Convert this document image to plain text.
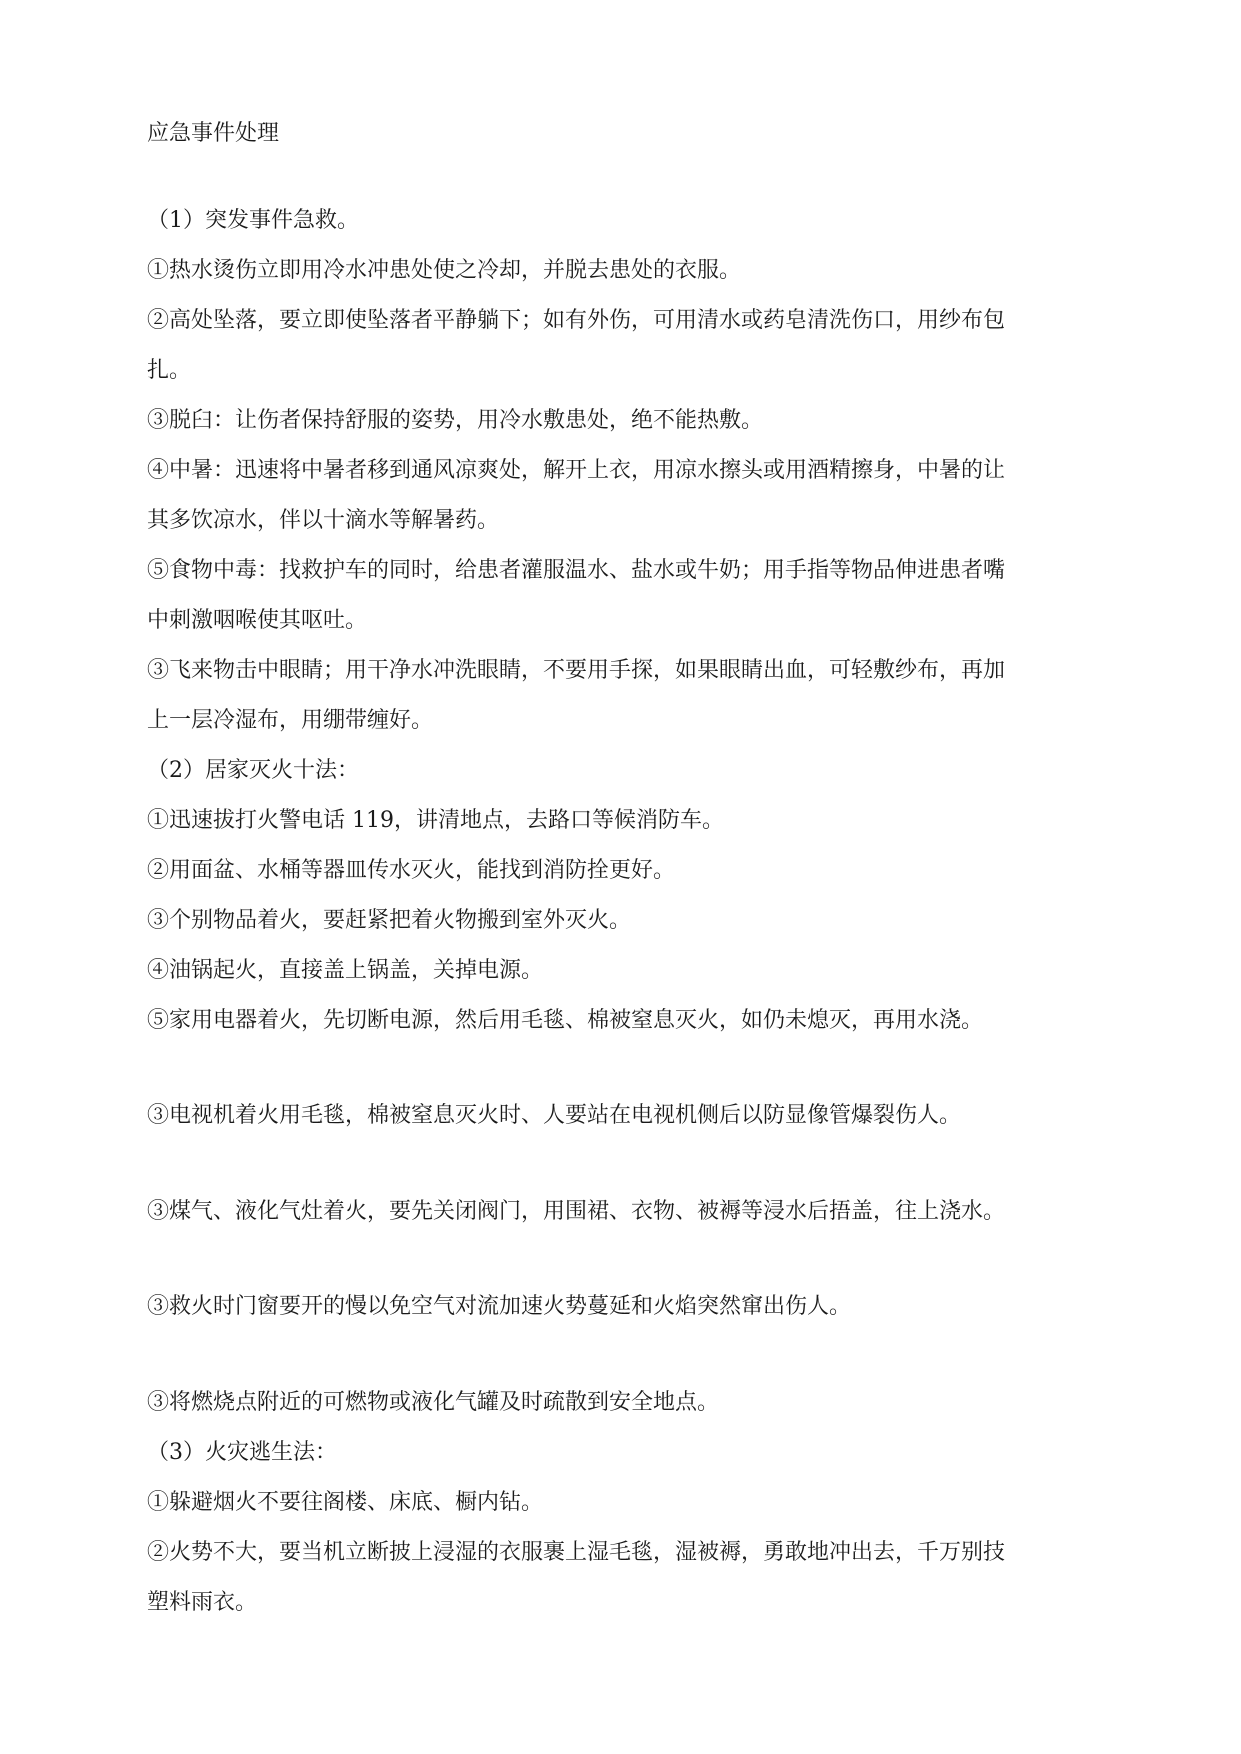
应急事件处理
（1）突发事件急救。
①热水烫伤立即用冷水冲患处使之冷却，并脱去患处的衣服。
②高处坠落，要立即使坠落者平静躺下；如有外伤，可用清水或药皂清洗伤口，用纱布包
扎。
③脱臼：让伤者保持舒服的姿势，用冷水敷患处，绝不能热敷。
④中暑：迅速将中暑者移到通风凉爽处，解开上衣，用凉水擦头或用酒精擦身，中暑的让
其多饮凉水，伴以十滴水等解暑药。
⑤食物中毒：找救护车的同时，给患者灌服温水、盐水或牛奶；用手指等物品伸进患者嘴
中刺激咽喉使其呕吐。
③飞来物击中眼睛；用干净水冲洗眼睛，不要用手探，如果眼睛出血，可轻敷纱布，再加
上一层冷湿布，用绷带缠好。
（2）居家灭火十法：
①迅速拔打火警电话 119，讲清地点，去路口等候消防车。
②用面盆、水桶等器皿传水灭火，能找到消防拴更好。
③个别物品着火，要赶紧把着火物搬到室外灭火。
④油锅起火，直接盖上锅盖，关掉电源。
⑤家用电器着火，先切断电源，然后用毛毯、棉被窒息灭火，如仍未熄灭，再用水浇。
③电视机着火用毛毯，棉被窒息灭火时、人要站在电视机侧后以防显像管爆裂伤人。
③煤气、液化气灶着火，要先关闭阀门，用围裙、衣物、被褥等浸水后捂盖，往上浇水。
③救火时门窗要开的慢以免空气对流加速火势蔓延和火焰突然窜出伤人。
③将燃烧点附近的可燃物或液化气罐及时疏散到安全地点。
（3）火灾逃生法：
①躲避烟火不要往阁楼、床底、橱内钻。
②火势不大，要当机立断披上浸湿的衣服裹上湿毛毯，湿被褥，勇敢地冲出去，千万别技
塑料雨衣。
